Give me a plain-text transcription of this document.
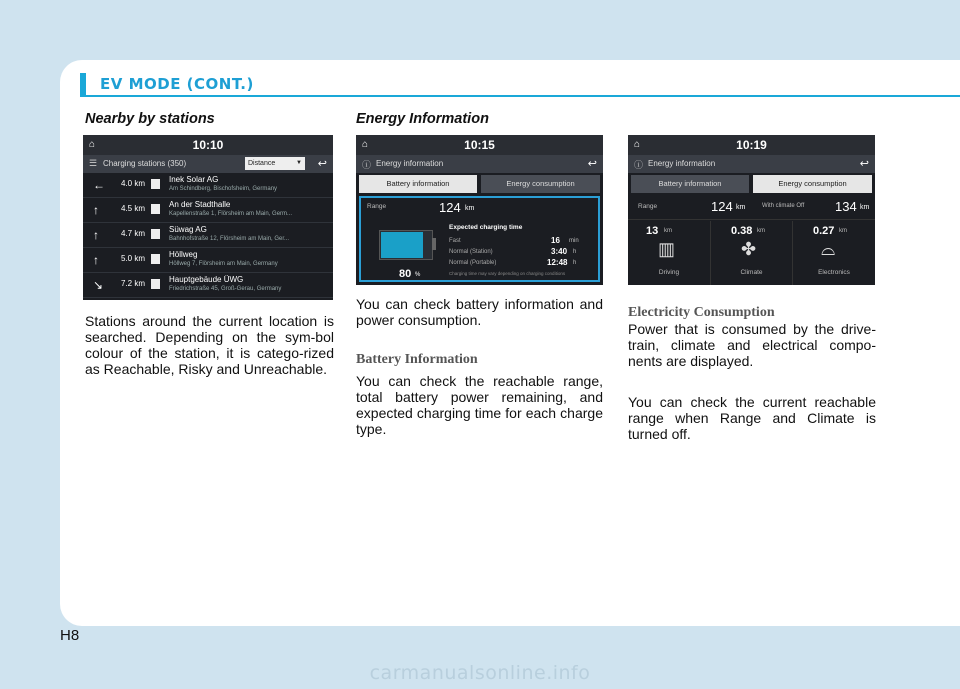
EV MODE (CONT.)
Nearby by stations
⌂	10:10
☰ Charging stations (350)	Distance	▼ ↩
← 4.0 km	Inek Solar AG
Am Schindberg, Bischofsheim, Germany
↑	4.5 km	An der Stadthalle
Kapellenstraße 1, Flörsheim am Main, Germ...
↑	4.7 km	Süwag AG
Bahnhofstraße 12, Flörsheim am Main, Ger...
↑	5.0 km	Höllweg
Höllweg 7, Flörsheim am Main, Germany
↘ 7.2 km	Hauptgebäude ÜWG
Friedrichstraße 45, Groß-Gerau, Germany
Stations around the current location is searched. Depending on the sym-bol colour of the station, it is catego-rized as Reachable, Risky and Unreachable.
Energy Information
⌂	10:15
ⓘ Energy information	↩
Battery information	Energy consumption
Range	124 km
80 %
Expected charging time
Fast	16 min
Normal (Station)	3:40 h
Normal (Portable)	12:48 h
Charging time may vary depending on charging conditions
You can check battery information and power consumption.
Battery Information
You can check the reachable range, total battery power remaining, and expected charging time for each charge type.
⌂	10:19
ⓘ Energy information	↩
Battery information	Energy consumption
Range	124 km	With climate Off 134 km
13 km
▥
Driving
0.38 km
✤
Climate
0.27 km
⌓
Electronics
Electricity Consumption
Power that is consumed by the drive-train, climate and electrical compo-nents are displayed.
You can check the current reachable range when Range and Climate is turned off.
H8
carmanualsonline.info
